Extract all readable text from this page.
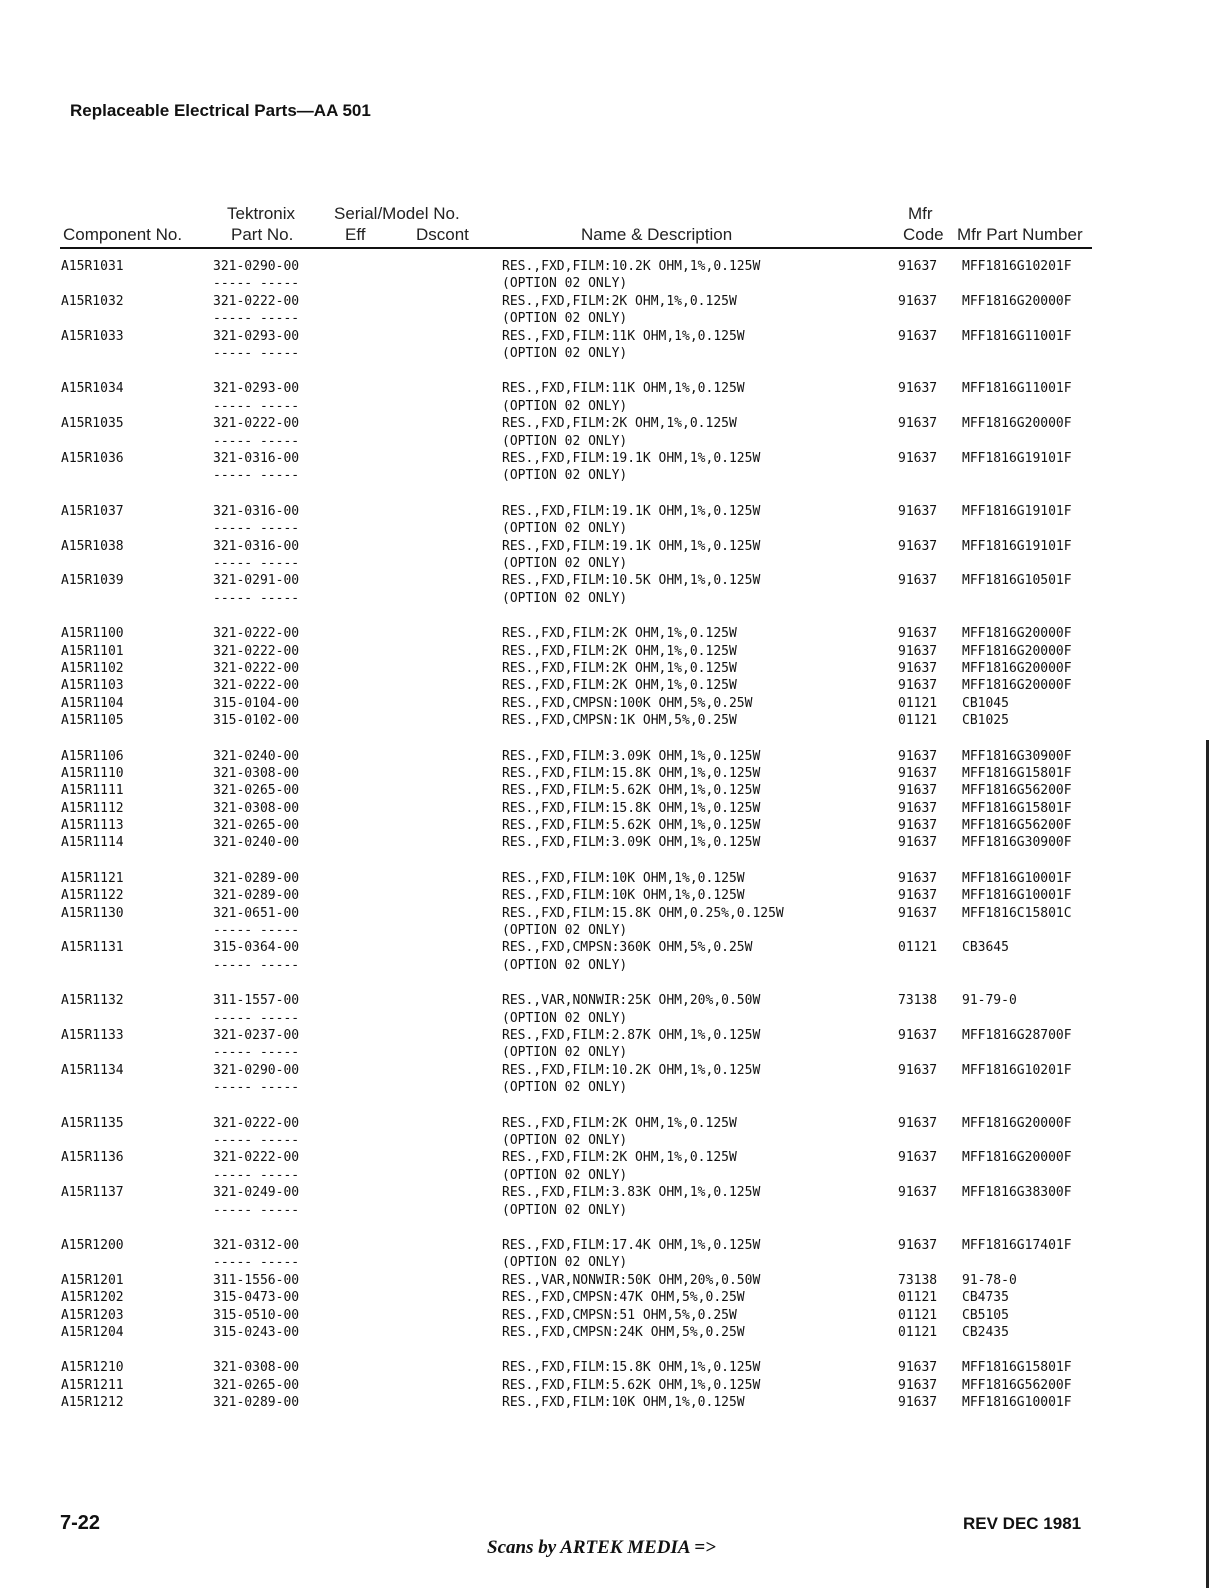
Replaceable Electrical Parts—AA 501
Component No.
Tektronix
Part No.
Serial/Model No.
Eff	Dscont	Name & Description
Mfr
Code Mfr Part Number
A15R1031	321-0290-00	RES.,FXD,FILM:10.2K OHM,1%,0.125W	91637 MFF1816G10201F
----- -----	(OPTION 02 ONLY)
A15R1032	321-0222-00	RES.,FXD,FILM:2K OHM,1%,0.125W	91637 MFF1816G20000F
----- -----	(OPTION 02 ONLY)
A15R1033	321-0293-00	RES.,FXD,FILM:11K OHM,1%,0.125W	91637 MFF1816G11001F
----- -----	(OPTION 02 ONLY)
A15R1034	321-0293-00	RES.,FXD,FILM:11K OHM,1%,0.125W	91637 MFF1816G11001F
----- -----	(OPTION 02 ONLY)
A15R1035	321-0222-00	RES.,FXD,FILM:2K OHM,1%,0.125W	91637 MFF1816G20000F
----- -----	(OPTION 02 ONLY)
A15R1036	321-0316-00	RES.,FXD,FILM:19.1K OHM,1%,0.125W	91637 MFF1816G19101F
----- -----	(OPTION 02 ONLY)
A15R1037	321-0316-00	RES.,FXD,FILM:19.1K OHM,1%,0.125W	91637 MFF1816G19101F
----- -----	(OPTION 02 ONLY)
A15R1038	321-0316-00	RES.,FXD,FILM:19.1K OHM,1%,0.125W	91637 MFF1816G19101F
----- -----	(OPTION 02 ONLY)
A15R1039	321-0291-00	RES.,FXD,FILM:10.5K OHM,1%,0.125W	91637 MFF1816G10501F
----- -----	(OPTION 02 ONLY)
A15R1100	321-0222-00	RES.,FXD,FILM:2K OHM,1%,0.125W	91637 MFF1816G20000F
A15R1101	321-0222-00	RES.,FXD,FILM:2K OHM,1%,0.125W	91637 MFF1816G20000F
A15R1102	321-0222-00	RES.,FXD,FILM:2K OHM,1%,0.125W	91637 MFF1816G20000F
A15R1103	321-0222-00	RES.,FXD,FILM:2K OHM,1%,0.125W	91637 MFF1816G20000F
A15R1104	315-0104-00	RES.,FXD,CMPSN:100K OHM,5%,0.25W	01121 CB1045
A15R1105	315-0102-00	RES.,FXD,CMPSN:1K OHM,5%,0.25W	01121 CB1025
A15R1106	321-0240-00	RES.,FXD,FILM:3.09K OHM,1%,0.125W	91637 MFF1816G30900F
A15R1110	321-0308-00	RES.,FXD,FILM:15.8K OHM,1%,0.125W	91637 MFF1816G15801F
A15R1111	321-0265-00	RES.,FXD,FILM:5.62K OHM,1%,0.125W	91637 MFF1816G56200F
A15R1112	321-0308-00	RES.,FXD,FILM:15.8K OHM,1%,0.125W	91637 MFF1816G15801F
A15R1113	321-0265-00	RES.,FXD,FILM:5.62K OHM,1%,0.125W	91637 MFF1816G56200F
A15R1114	321-0240-00	RES.,FXD,FILM:3.09K OHM,1%,0.125W	91637 MFF1816G30900F
A15R1121	321-0289-00	RES.,FXD,FILM:10K OHM,1%,0.125W	91637 MFF1816G10001F
A15R1122	321-0289-00	RES.,FXD,FILM:10K OHM,1%,0.125W	91637 MFF1816G10001F
A15R1130	321-0651-00	RES.,FXD,FILM:15.8K OHM,0.25%,0.125W	91637 MFF1816C15801C
----- -----	(OPTION 02 ONLY)
A15R1131	315-0364-00	RES.,FXD,CMPSN:360K OHM,5%,0.25W	01121 CB3645
----- -----	(OPTION 02 ONLY)
A15R1132	311-1557-00	RES.,VAR,NONWIR:25K OHM,20%,0.50W	73138 91-79-0
----- -----	(OPTION 02 ONLY)
A15R1133	321-0237-00	RES.,FXD,FILM:2.87K OHM,1%,0.125W	91637 MFF1816G28700F
----- -----	(OPTION 02 ONLY)
A15R1134	321-0290-00	RES.,FXD,FILM:10.2K OHM,1%,0.125W	91637 MFF1816G10201F
----- -----	(OPTION 02 ONLY)
A15R1135	321-0222-00	RES.,FXD,FILM:2K OHM,1%,0.125W	91637 MFF1816G20000F
----- -----	(OPTION 02 ONLY)
A15R1136	321-0222-00	RES.,FXD,FILM:2K OHM,1%,0.125W	91637 MFF1816G20000F
----- -----	(OPTION 02 ONLY)
A15R1137	321-0249-00	RES.,FXD,FILM:3.83K OHM,1%,0.125W	91637 MFF1816G38300F
----- -----	(OPTION 02 ONLY)
A15R1200	321-0312-00	RES.,FXD,FILM:17.4K OHM,1%,0.125W	91637 MFF1816G17401F
----- -----	(OPTION 02 ONLY)
A15R1201	311-1556-00	RES.,VAR,NONWIR:50K OHM,20%,0.50W	73138 91-78-0
A15R1202	315-0473-00	RES.,FXD,CMPSN:47K OHM,5%,0.25W	01121 CB4735
A15R1203	315-0510-00	RES.,FXD,CMPSN:51 OHM,5%,0.25W	01121 CB5105
A15R1204	315-0243-00	RES.,FXD,CMPSN:24K OHM,5%,0.25W	01121 CB2435
A15R1210	321-0308-00	RES.,FXD,FILM:15.8K OHM,1%,0.125W	91637 MFF1816G15801F
A15R1211	321-0265-00	RES.,FXD,FILM:5.62K OHM,1%,0.125W	91637 MFF1816G56200F
A15R1212	321-0289-00	RES.,FXD,FILM:10K OHM,1%,0.125W	91637 MFF1816G10001F
7-22	REV DEC 1981
Scans by ARTEK MEDIA =>
